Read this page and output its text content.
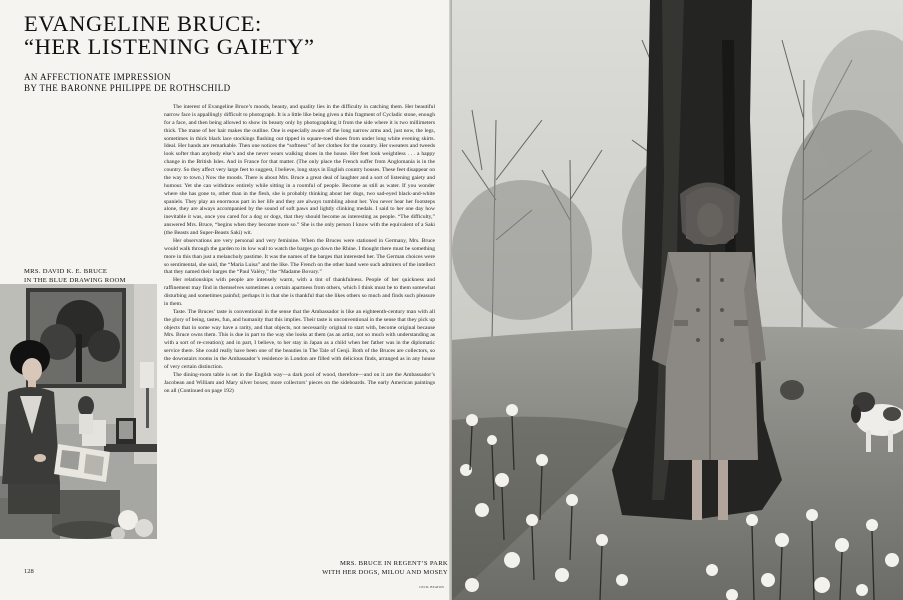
EVANGELINE BRUCE:
“HER LISTENING GAIETY”
AN AFFECTIONATE IMPRESSION
BY THE BARONNE PHILIPPE DE ROTHSCHILD

The interest of Evangeline Bruce’s moods, beauty, and quality lies in the difficulty in catching them. Her beautiful narrow face is appallingly difficult to photograph. It is a little like being given a thin fragment of Cycladic stone, enough for a face, and then being allowed to show its beauty only by photographing it from the side where it is two millimeters thick. The mane of her hair makes the outline. One is especially aware of the long narrow arms and, just now, the legs, sometimes in thick black lace stockings flashing out tipped in square-toed shoes from under long white evening skirts. Ideal. Her hands are remarkable. Then one notices the “softness” of her clothes for the country. Her sweaters and tweeds look softer than anybody else’s and she never wears walking shoes in the house. Her feet look weightless . . . a happy change in the British Isles. And in France for that matter. (The only place the French suffer from Anglomania is in the country. So they affect very large feet to suggest, I believe, long stays in English country houses. These feet disappear on the way to town.) Now the moods. There is about Mrs. Bruce a great deal of laughter and a sort of listening gaiety and humour. Yet she can withdraw entirely while sitting in a roomful of people. Become as still as water. If you wonder where she has gone to, other than in the flesh, she is probably thinking about her dogs, two sad-eyed black-and-white spaniels. They play an enormous part in her life and they are always tumbling about her. You never hear her footsteps alone, they are always accompanied by the sound of soft paws and lightly clinking medals. I said to her one day how inevitable it was, once you cared for a dog or dogs, that they should become as interesting as people. “The difficulty,” answered Mrs. Bruce, “begins when they become more so.” She is the only person I know with the equivalent of a Saki (the Beasts and Super-Beasts Saki) wit.

Her observations are very personal and very feminine. When the Bruces were stationed in Germany, Mrs. Bruce would walk through the garden to its low wall to watch the barges go down the Rhine. I thought there must be something more in this than just a melancholy pastime. It was the names of the barges that interested her. The German choices were so sentimental, she said, the “Maria Luisa” and the like. The French on the other hand were such admirers of the intellect that they named their barges the “Paul Valéry,” the “Madame Bovary.”

Her relationships with people are intensely warm, with a tint of thankfulness. People of her quickness and raffinement may find in themselves sometimes a certain apartness from others, which I think must be to them somewhat disturbing and sometimes painful; perhaps it is that she is thankful that she likes others so much and finds such pleasure in them.

Taste. The Bruces’ taste is conventional in the sense that the Ambassador is like an eighteenth-century man with all the glory of being, tastes, fun, and humanity that this implies. Their taste is unconventional in the sense that they pick up objects that in some way have a rarity, and that objects, not necessarily original to start with, become original because Mrs. Bruce owns them. This is due in part to the way she looks at them (as an artist, not so much with understanding as with a sort of re-creation); and in part, I believe, to her stay in Japan as a child when her father was in the diplomatic service there. She could really have been one of the beauties in The Tale of Genji. Both of the Bruces are collectors, so the downstairs rooms in the Ambassador’s residence in London are filled with delicious finds, arranged as in any house of very certain distinction.

The dining-room table is set in the English way—a dark pool of wood, therefore—and on it are the Ambassador’s Jacobean and William and Mary silver boxes; more collectors’ pieces on the sideboards. The early American paintings on all (Continued on page 192)

MRS. DAVID K. E. BRUCE
IN THE BLUE DRAWING ROOM
128
MRS. BRUCE IN REGENT’S PARK
WITH HER DOGS, MILOU AND MOSEY
CECIL BEATON
